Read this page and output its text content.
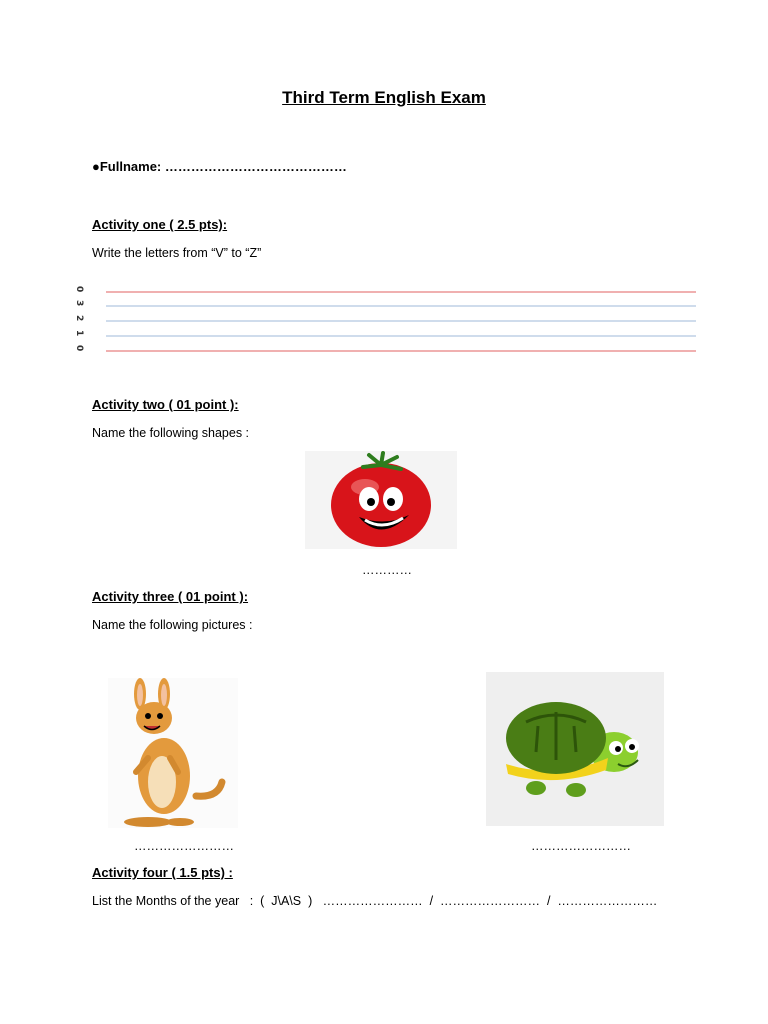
Third Term English Exam
●Fullname: ……………………………………
Activity one ( 2.5 pts):
Write the letters from “V” to “Z”
0
3
2
1
0
Activity two ( 01 point ):
Name the following shapes :
…………
Activity three ( 01 point ):
Name the following pictures :
……………………	……………………
Activity four ( 1.5 pts) :
List the Months of the year   :  (  J\A\S  )   ……………………  /  ……………………  /  ……………………
